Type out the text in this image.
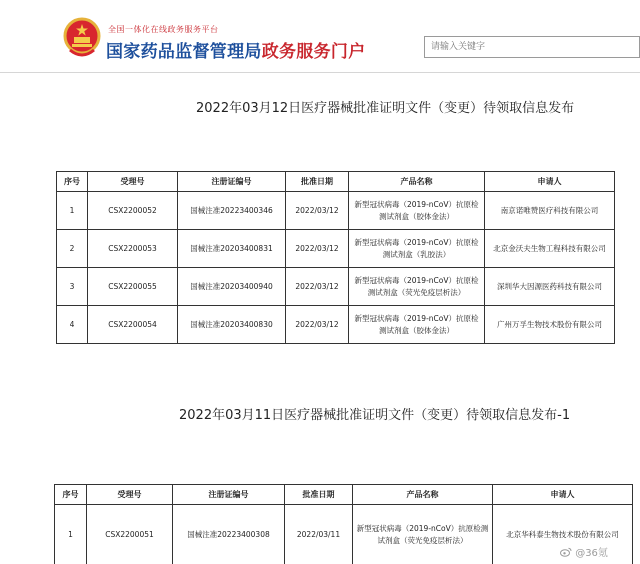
全国一体化在线政务服务平台
国家药品监督管理局政务服务门户
请输入关键字
2022年03月12日医疗器械批准证明文件（变更）待领取信息发布
序号	受理号	注册证编号	批准日期	产品名称	申请人
1	CSX2200052	国械注准20223400346	2022/03/12	新型冠状病毒（2019-nCoV）抗原检测试剂盒（胶体金法）	南京诺唯赞医疗科技有限公司
2	CSX2200053	国械注准20203400831	2022/03/12	新型冠状病毒（2019-nCoV）抗原检测试剂盒（乳胶法）	北京金沃夫生物工程科技有限公司
3	CSX2200055	国械注准20203400940	2022/03/12	新型冠状病毒（2019-nCoV）抗原检测试剂盒（荧光免疫层析法）	深圳华大因源医药科技有限公司
4	CSX2200054	国械注准20203400830	2022/03/12	新型冠状病毒（2019-nCoV）抗原检测试剂盒（胶体金法）	广州万孚生物技术股份有限公司
2022年03月11日医疗器械批准证明文件（变更）待领取信息发布-1
序号	受理号	注册证编号	批准日期	产品名称	申请人
1	CSX2200051	国械注准20223400308	2022/03/11	新型冠状病毒（2019-nCoV）抗原检测试剂盒（荧光免疫层析法）	北京华科泰生物技术股份有限公司
@36氪
